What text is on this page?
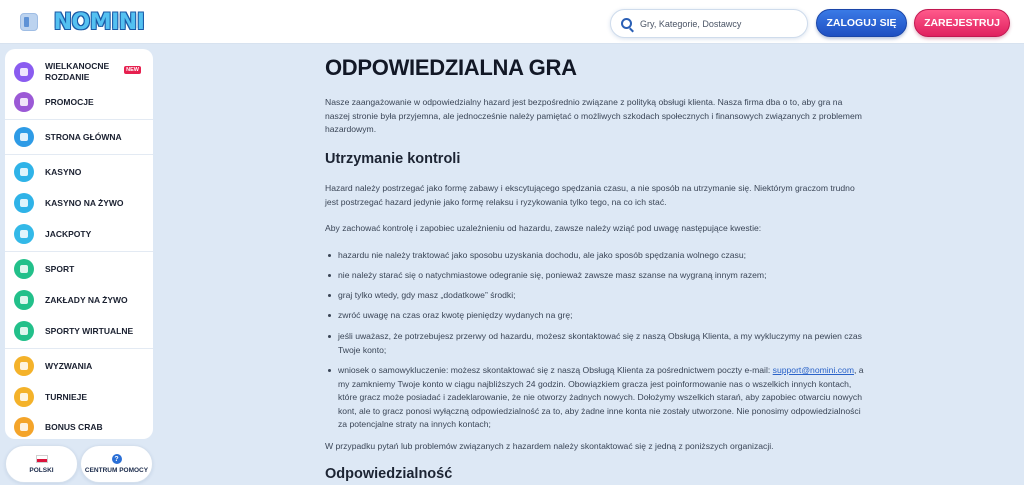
NOMINI
Gry, Kategorie, Dostawcy	ZALOGUJ SIĘ	ZAREJESTRUJ
WIELKANOCNE
ROZDANIE
NEW
PROMOCJE
STRONA GŁÓWNA
KASYNO
KASYNO NA ŻYWO
JACKPOTY
SPORT
ZAKŁADY NA ŻYWO
SPORTY WIRTUALNE
WYZWANIA
TURNIEJE
BONUS CRAB
POLSKI
?
CENTRUM POMOCY
ODPOWIEDZIALNA GRA
Nasze zaangażowanie w odpowiedzialny hazard jest bezpośrednio związane z polityką obsługi klienta. Nasza firma dba o to, aby gra na naszej stronie była przyjemna, ale jednocześnie należy pamiętać o możliwych szkodach społecznych i finansowych związanych z problemem hazardowym.
Utrzymanie kontroli
Hazard należy postrzegać jako formę zabawy i ekscytującego spędzania czasu, a nie sposób na utrzymanie się. Niektórym graczom trudno jest postrzegać hazard jedynie jako formę relaksu i ryzykowania tylko tego, na co ich stać.
Aby zachować kontrolę i zapobiec uzależnieniu od hazardu, zawsze należy wziąć pod uwagę następujące kwestie:
hazardu nie należy traktować jako sposobu uzyskania dochodu, ale jako sposób spędzania wolnego czasu;
nie należy starać się o natychmiastowe odegranie się, ponieważ zawsze masz szanse na wygraną innym razem;
graj tylko wtedy, gdy masz „dodatkowe” środki;
zwróć uwagę na czas oraz kwotę pieniędzy wydanych na grę;
jeśli uważasz, że potrzebujesz przerwy od hazardu, możesz skontaktować się z naszą Obsługą Klienta, a my wykluczymy na pewien czas Twoje konto;
wniosek o samowykluczenie: możesz skontaktować się z naszą Obsługą Klienta za pośrednictwem poczty e-mail: support@nomini.com, a my zamkniemy Twoje konto w ciągu najbliższych 24 godzin. Obowiązkiem gracza jest poinformowanie nas o wszelkich innych kontach, które gracz może posiadać i zadeklarowanie, że nie otworzy żadnych nowych. Dołożymy wszelkich starań, aby zapobiec otwarciu nowych kont, ale to gracz ponosi wyłączną odpowiedzialność za to, aby żadne inne konta nie zostały utworzone. Nie ponosimy odpowiedzialności za potencjalne straty na innych kontach;
W przypadku pytań lub problemów związanych z hazardem należy skontaktować się z jedną z poniższych organizacji.
Odpowiedzialność
